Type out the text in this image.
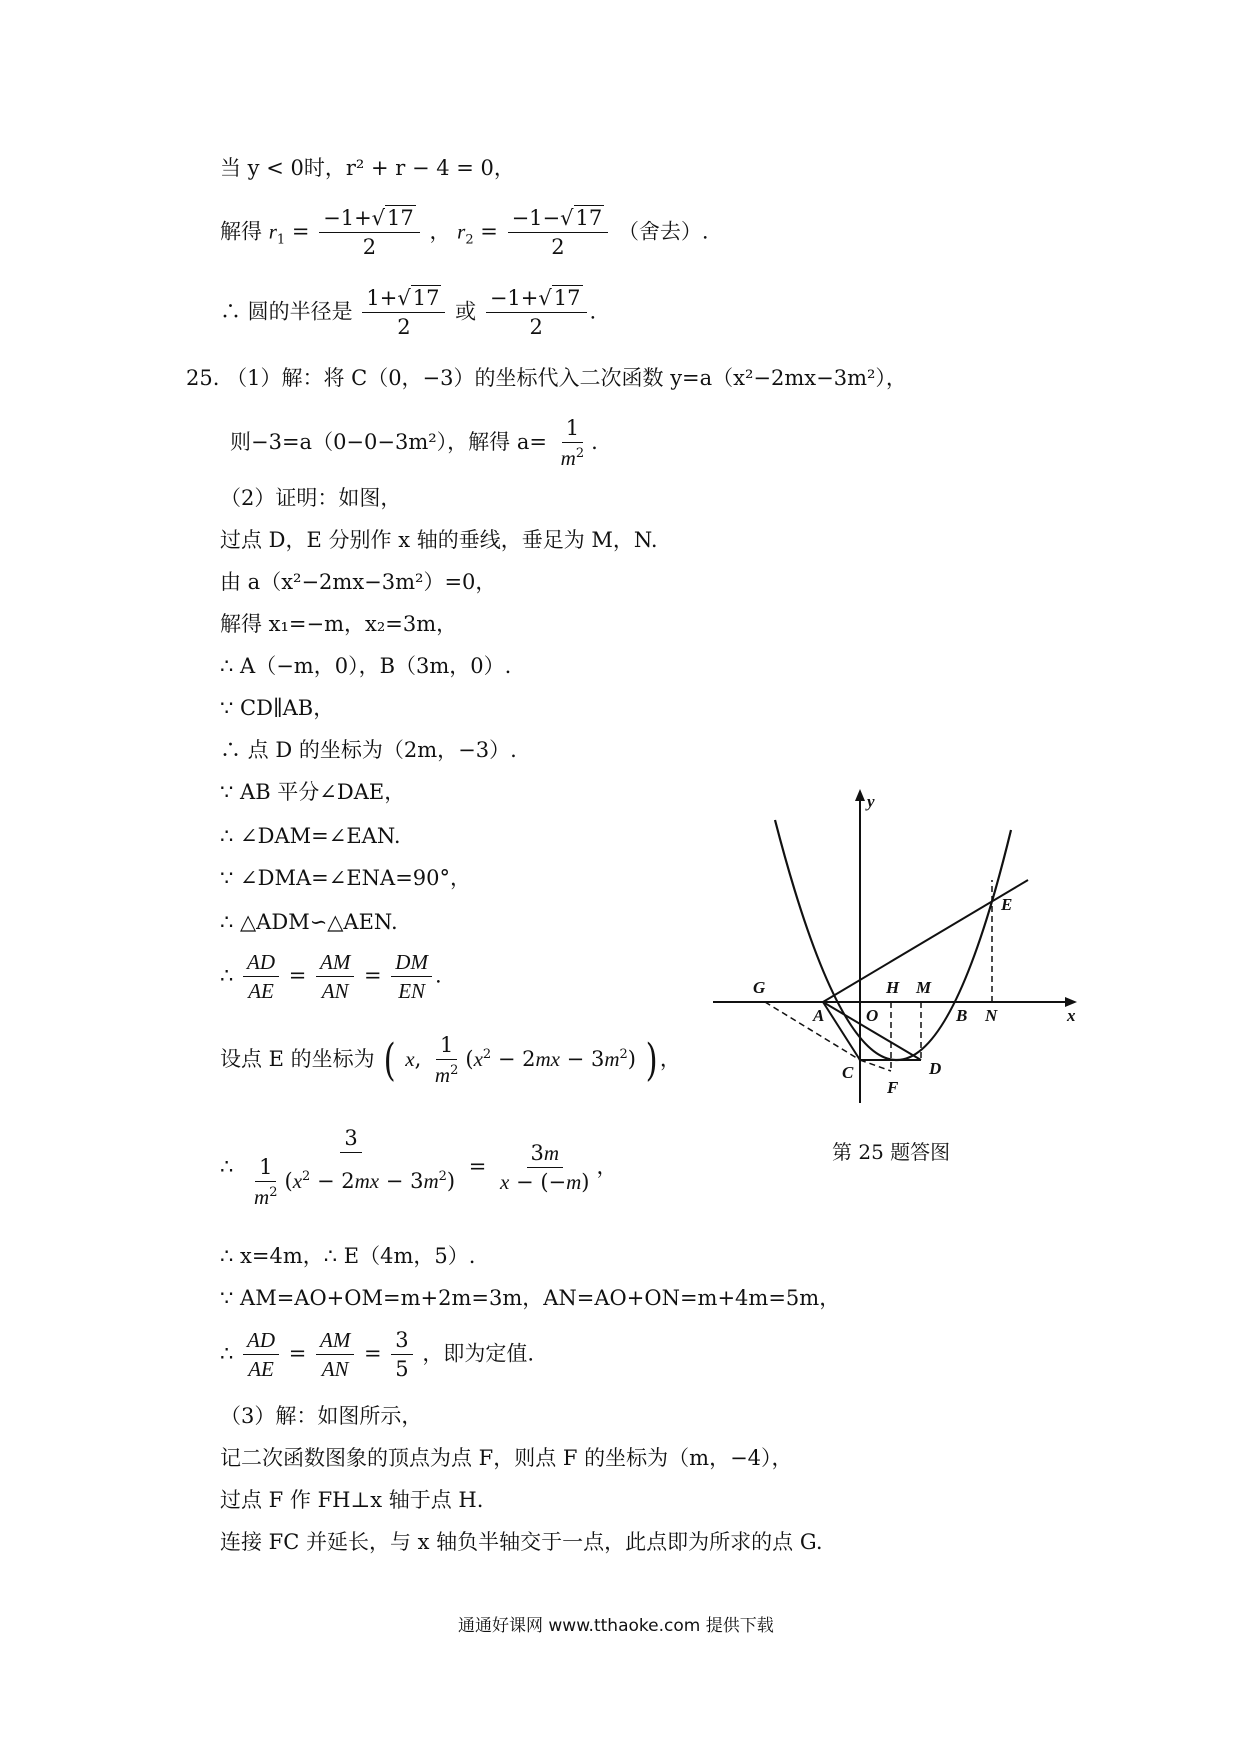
当 y < 0时，r² + r − 4 = 0，
解得 $r_1 = \frac{-1+√17}{2}$ ， $r_2 = \frac{-1-√17}{2}$ （舍去）.
∴ 圆的半径是 $\frac{1+√17}{2}$ 或 $\frac{-1+√17}{2}$ .
25. （1）解：将 C（0，−3）的坐标代入二次函数 y=a（x²−2mx−3m²），
则−3=a（0−0−3m²），解得 $a= \frac{1}{m^2}$ .
（2）证明：如图，
过点 D，E 分别作 x 轴的垂线，垂足为 M，N.
由 a（x²−2mx−3m²）=0，
解得 x₁=−m，x₂=3m，
∴ A（−m，0），B（3m，0）.
∵ CD∥AB，
∴ 点 D 的坐标为（2m，−3）.
∵ AB 平分∠DAE，
∴ ∠DAM=∠EAN.
∵ ∠DMA=∠ENA=90°，
∴ △ADM∽△AEN.
∴ $\frac{AD}{AE} = \frac{AM}{AN} = \frac{DM}{EN}$ .
设点 E 的坐标为 ( x, $\frac{1}{m^2} (x^2 - 2mx - 3m^2)$ ) ，
∴ $\frac{3}{\frac{1}{m^2} (x^2 - 2mx - 3m^2)} = \frac{3m}{x - (-m)}$ ，
∴ x=4m，∴ E（4m，5）.
∵ AM=AO+OM=m+2m=3m，AN=AO+ON=m+4m=5m，
∴ $\frac{AD}{AE} = \frac{AM}{AN} = \frac{3}{5}$ ，即为定值.
（3）解：如图所示，
记二次函数图象的顶点为点 F，则点 F 的坐标为（m，−4），
过点 F 作 FH⊥x 轴于点 H.
连接 FC 并延长，与 x 轴负半轴交于一点，此点即为所求的点 G.
y
x
E
G	H M
A O	B N
C	D
F
第 25 题答图
通通好课网 www.tthaoke.com 提供下载
